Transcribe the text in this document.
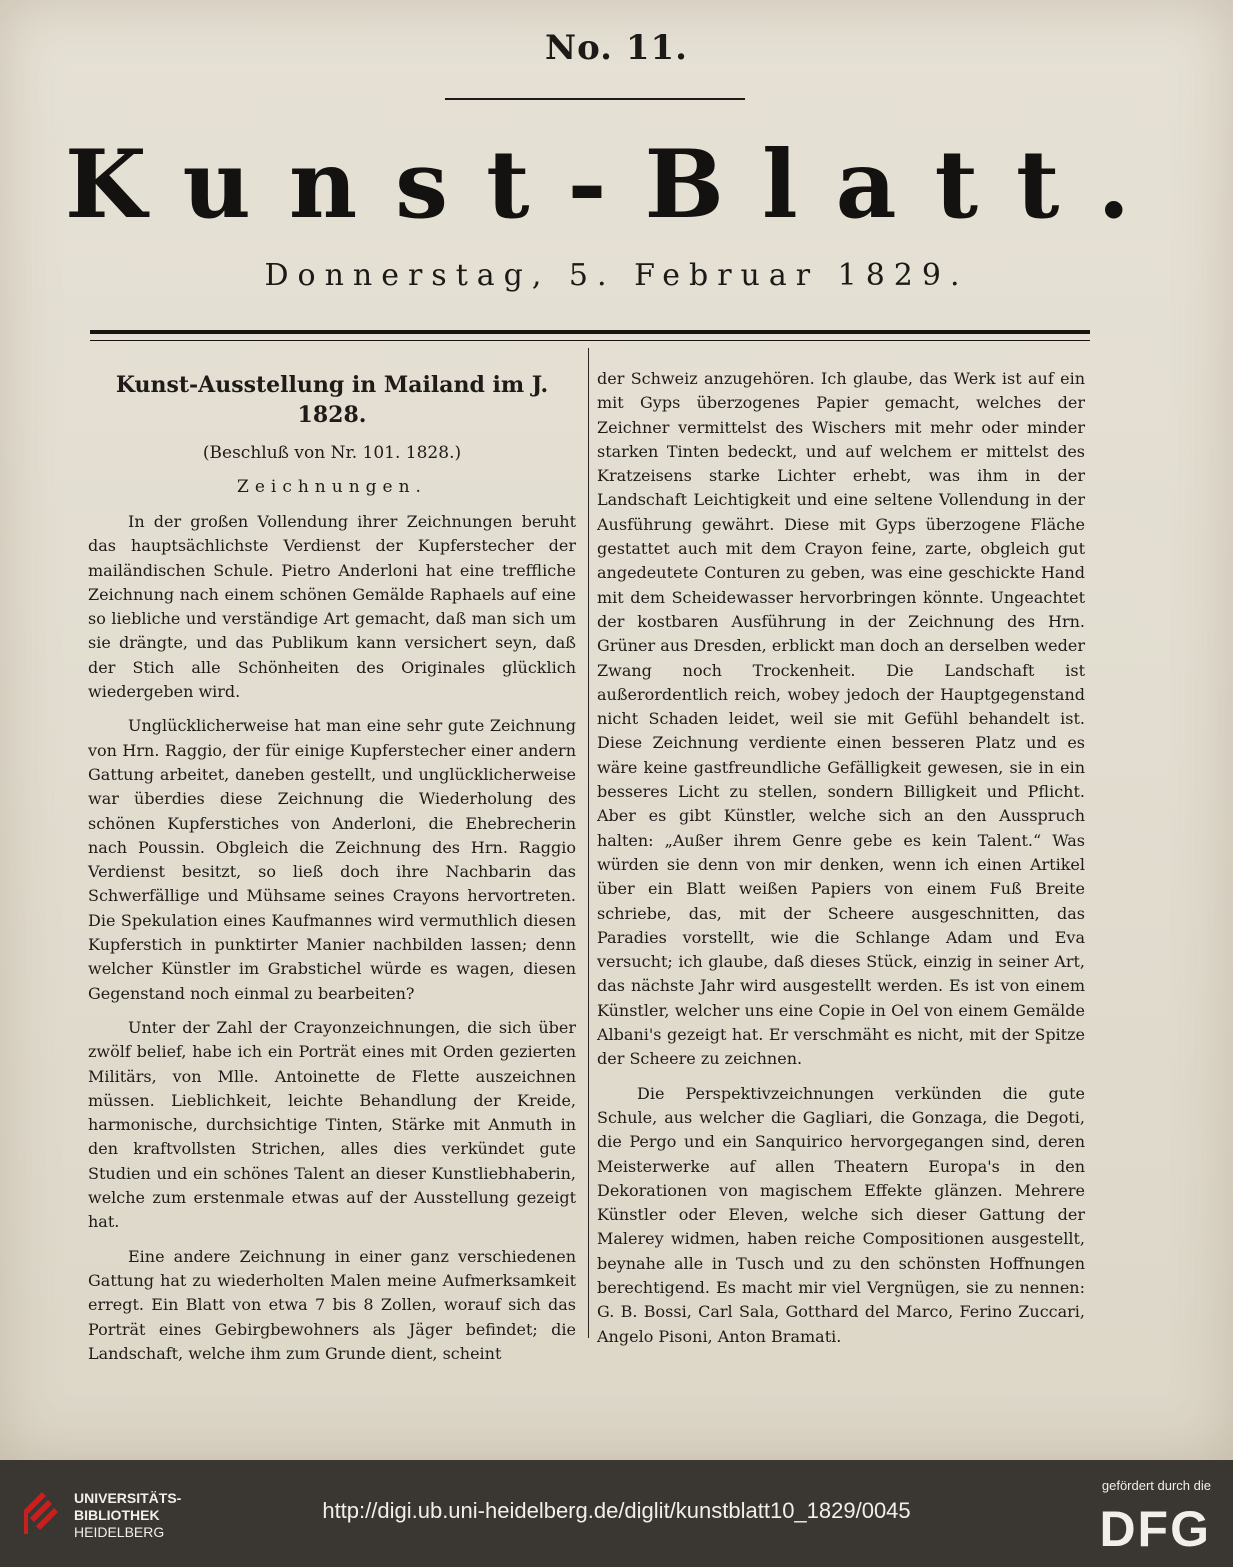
No. 11.
Kunst-Blatt.
Donnerstag, 5. Februar 1829.
Kunst-Ausstellung in Mailand im J. 1828.
(Beschluß von Nr. 101. 1828.)
Zeichnungen.

In der großen Vollendung ihrer Zeichnungen beruht das hauptsächlichste Verdienst der Kupferstecher der mailändischen Schule. Pietro Anderloni hat eine treffliche Zeichnung nach einem schönen Gemälde Raphaels auf eine so liebliche und verständige Art gemacht, daß man sich um sie drängte, und das Publikum kann versichert seyn, daß der Stich alle Schönheiten des Originales glücklich wiedergeben wird.

Unglücklicherweise hat man eine sehr gute Zeichnung von Hrn. Raggio, der für einige Kupferstecher einer andern Gattung arbeitet, daneben gestellt, und unglücklicherweise war überdies diese Zeichnung die Wiederholung des schönen Kupferstiches von Anderloni, die Ehebrecherin nach Poussin. Obgleich die Zeichnung des Hrn. Raggio Verdienst besitzt, so ließ doch ihre Nachbarin das Schwerfällige und Mühsame seines Crayons hervortreten. Die Spekulation eines Kaufmannes wird vermuthlich diesen Kupferstich in punktirter Manier nachbilden lassen; denn welcher Künstler im Grabstichel würde es wagen, diesen Gegenstand noch einmal zu bearbeiten?

Unter der Zahl der Crayonzeichnungen, die sich über zwölf belief, habe ich ein Porträt eines mit Orden gezierten Militärs, von Mlle. Antoinette de Flette auszeichnen müssen. Lieblichkeit, leichte Behandlung der Kreide, harmonische, durchsichtige Tinten, Stärke mit Anmuth in den kraftvollsten Strichen, alles dies verkündet gute Studien und ein schönes Talent an dieser Kunstliebhaberin, welche zum erstenmale etwas auf der Ausstellung gezeigt hat.

Eine andere Zeichnung in einer ganz verschiedenen Gattung hat zu wiederholten Malen meine Aufmerksamkeit erregt. Ein Blatt von etwa 7 bis 8 Zollen, worauf sich das Porträt eines Gebirgbewohners als Jäger befindet; die Landschaft, welche ihm zum Grunde dient, scheint

der Schweiz anzugehören. Ich glaube, das Werk ist auf ein mit Gyps überzogenes Papier gemacht, welches der Zeichner vermittelst des Wischers mit mehr oder minder starken Tinten bedeckt, und auf welchem er mittelst des Kratzeisens starke Lichter erhebt, was ihm in der Landschaft Leichtigkeit und eine seltene Vollendung in der Ausführung gewährt. Diese mit Gyps überzogene Fläche gestattet auch mit dem Crayon feine, zarte, obgleich gut angedeutete Conturen zu geben, was eine geschickte Hand mit dem Scheidewasser hervorbringen könnte. Ungeachtet der kostbaren Ausführung in der Zeichnung des Hrn. Grüner aus Dresden, erblickt man doch an derselben weder Zwang noch Trockenheit. Die Landschaft ist außerordentlich reich, wobey jedoch der Hauptgegenstand nicht Schaden leidet, weil sie mit Gefühl behandelt ist. Diese Zeichnung verdiente einen besseren Platz und es wäre keine gastfreundliche Gefälligkeit gewesen, sie in ein besseres Licht zu stellen, sondern Billigkeit und Pflicht. Aber es gibt Künstler, welche sich an den Ausspruch halten: „Außer ihrem Genre gebe es kein Talent.“ Was würden sie denn von mir denken, wenn ich einen Artikel über ein Blatt weißen Papiers von einem Fuß Breite schriebe, das, mit der Scheere ausgeschnitten, das Paradies vorstellt, wie die Schlange Adam und Eva versucht; ich glaube, daß dieses Stück, einzig in seiner Art, das nächste Jahr wird ausgestellt werden. Es ist von einem Künstler, welcher uns eine Copie in Oel von einem Gemälde Albani's gezeigt hat. Er verschmäht es nicht, mit der Spitze der Scheere zu zeichnen.

Die Perspektivzeichnungen verkünden die gute Schule, aus welcher die Gagliari, die Gonzaga, die Degoti, die Pergo und ein Sanquirico hervorgegangen sind, deren Meisterwerke auf allen Theatern Europa's in den Dekorationen von magischem Effekte glänzen. Mehrere Künstler oder Eleven, welche sich dieser Gattung der Malerey widmen, haben reiche Compositionen ausgestellt, beynahe alle in Tusch und zu den schönsten Hoffnungen berechtigend. Es macht mir viel Vergnügen, sie zu nennen: G. B. Bossi, Carl Sala, Gotthard del Marco, Ferino Zuccari, Angelo Pisoni, Anton Bramati.

UNIVERSITÄTS-
BIBLIOTHEK
HEIDELBERG
http://digi.ub.uni-heidelberg.de/diglit/kunstblatt10_1829/0045
gefördert durch die
DFG
